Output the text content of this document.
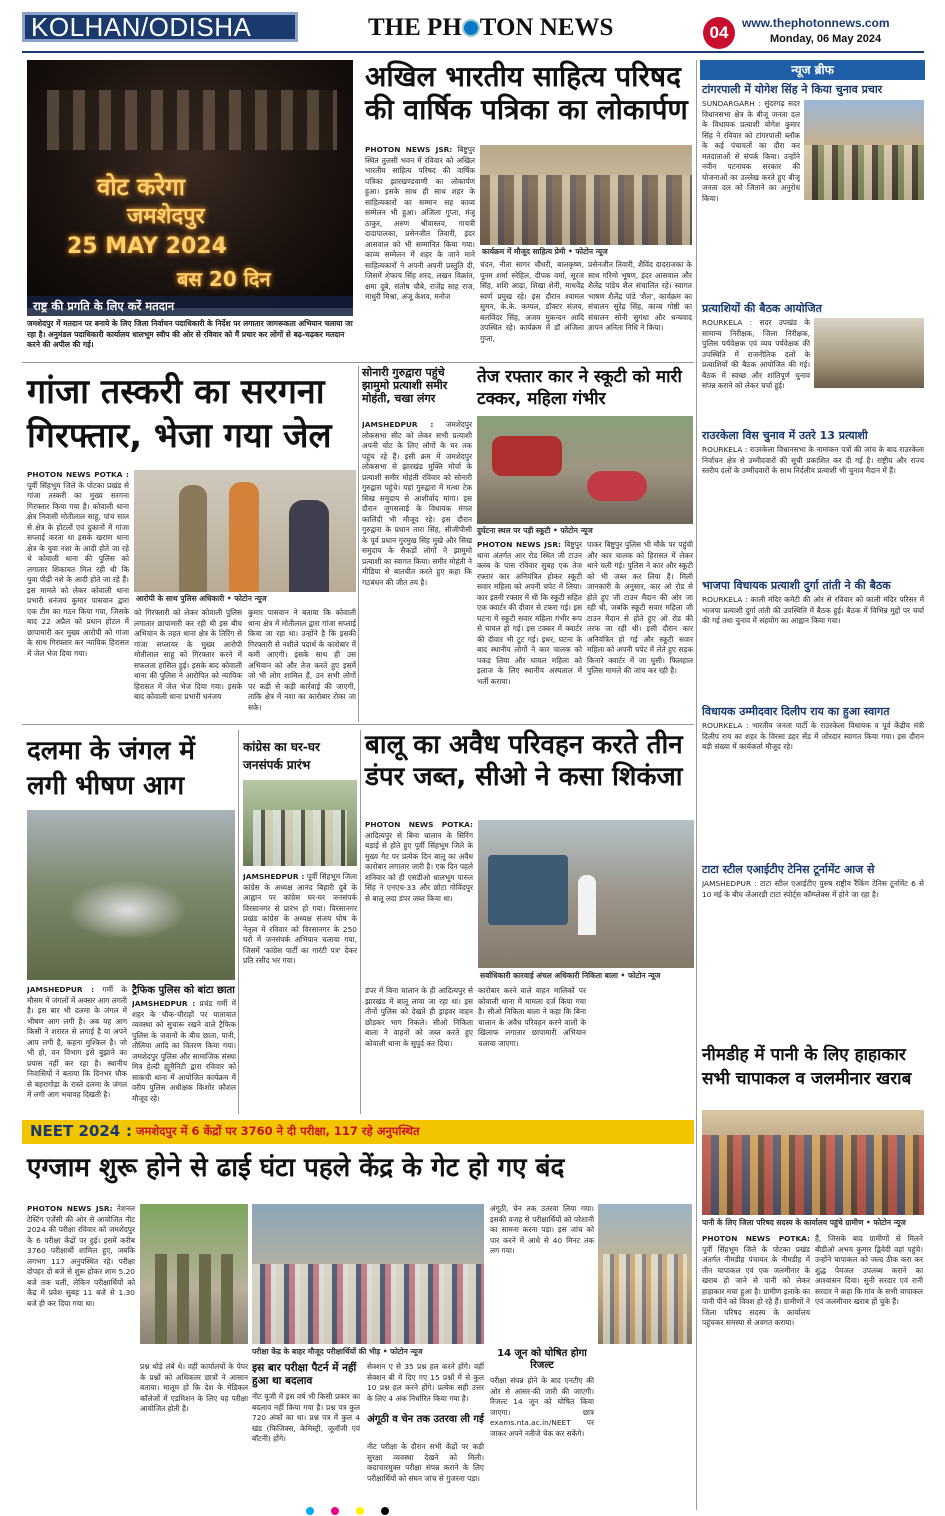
KOLHAN/ODISHA	THE PH TON NEWS	04	www.thephotonnews.com
Monday, 06 May 2024
वोट करेगा
जमशेदपुर
25 MAY 2024
बस 20 दिन
राष्ट्र की प्रगति के लिए करें मतदान
जमशेदपुर में मतदान पर बनाये के लिए जिला निर्वाचन पदाधिकारी के निर्देश पर लगातार जागरूकता अभियान चलाया जा रहा है। अनुमंडल पदाधिकारी कार्यालय धालभूम स्वीप की ओर से रविवार को मैं प्रचार कर लोगों से बढ़-चढ़कर मतदान करने की अपील की गई।
अखिल भारतीय साहित्य परिषद की वार्षिक पत्रिका का लोकार्पण
PHOTON NEWS JSR: बिष्टुपुर स्थित तुलसी भवन में रविवार को अखिल भारतीय साहित्य परिषद की वार्षिक पत्रिका झारखण्डवाणी का लोकार्पण हुआ। इसके साथ ही साथ शहर के साहित्यकारों का सम्मान सह काव्य सम्मेलन भी हुआ। अंजिला गुप्ता, मंजू ठाकुर, अरुण श्रीवास्तव, गायत्री दादापालका, प्रसेनजीत तिवारी, इंदर आसवाल को भी सम्मानित किया गया। काव्य सम्मेलन में शहर के जाने माने साहित्यकारों ने अपनी अपनी प्रस्तुति दी, जिसमें शेफाय सिंह शरद, लखन विक्रांत, क्षमा दुबे, संतोष चौबे, राजेंद्र साह राज, माधुरी मिश्रा, अंजू केशव, मनोज
कार्यक्रम में मौजूद साहित्य प्रेमी • फोटोन न्यूज
चंदन, नीता सागर चौधरी, बालकृष्ण, पूनम शर्मा स्नेहिल, दीपक वर्मा, सूरज सिंह, शशि आढ़ा, शिखा शेनी, माधवेंद्र स्वर्ण प्रमुख रहे। इस दौरान श्यामल सुमन, के.के. कम्पल, डॉक्टर संजय, बलविंदर सिंह, अजय मुकन्दन आदि उपस्थित रहे। कार्यक्रम में डॉ अंजिला गुप्ता,
प्रसेनजीत तिवारी, शैविंद दादराजका के साथ गरिमो भूषण, इंदर आसवाल और शैलेंद्र पांडेय शैल संचालित रहे। स्वागत भाषण शैलेंद्र पांडे 'शैल', कार्यक्रम का संचालन सुरेंद्र सिंह, काव्य गोष्ठी का संचालन सोनी सुगंधा और धन्यवाद ज्ञापन अनिता निधि ने किया।
न्यूज ब्रीफ
टांगरपाली में योगेश सिंह ने किया चुनाव प्रचार
SUNDARGARH : सुंदरगढ़ सदर विधानसभा क्षेत्र के बीजू जनता दल के विधायक प्रत्याशी योगेश कुमार सिंह ने रविवार को टांगरपाली ब्लॉक के कई पंचायतों का दौरा कर मतदाताओं से संपर्क किया। उन्होंने नवीन पटनायक सरकार की योजनाओं का उल्लेख करते हुए बीजू जनता दल को जिताने का अनुरोध किया।
प्रत्याशियों की बैठक आयोजित
ROURKELA : सदर उपखंड के सामान्य निरीक्षक, जिला निरीक्षक, पुलिस पर्यवेक्षक एवं व्यय पर्यवेक्षक की उपस्थिति में राजनीतिक दलों के प्रत्याशियों की बैठक आयोजित की गई। बैठक में स्वच्छ और शांतिपूर्ण चुनाव संपन्न कराने को लेकर चर्चा हुई।
राउरकेला विस चुनाव में उतरे 13 प्रत्याशी
ROURKELA : राउरकेला विधानसभा के नामांकन पत्रों की जांच के बाद राउरकेला निर्वाचन क्षेत्र से उम्मीदवारों की सूची प्रकाशित कर दी गई है। राष्ट्रीय और राज्य स्तरीय दलों के उम्मीदवारों के साथ निर्दलीय प्रत्याशी भी चुनाव मैदान में हैं।
भाजपा विधायक प्रत्याशी दुर्गा तांती ने की बैठक
ROURKELA : काली मंदिर कमेटी की ओर से रविवार को काली मंदिर परिसर में भाजपा प्रत्याशी दुर्गा तांती की उपस्थिति में बैठक हुई। बैठक में विभिन्न मुद्दों पर चर्चा की गई तथा चुनाव में सहयोग का आह्वान किया गया।
विधायक उम्मीदवार दिलीप राय का हुआ स्वागत
ROURKELA : भारतीय जनता पार्टी के राउरकेला विधायक व पूर्व केंद्रीय मंत्री दिलीप राय का शहर के विरसा डहर सेंड में जोरदार स्वागत किया गया। इस दौरान बड़ी संख्या में कार्यकर्ता मौजूद रहे।
टाटा स्टील एआईटीए टेनिस टूर्नामेंट आज से
JAMSHEDPUR : टाटा स्टील एआईटीए पुरुष राष्ट्रीय रैंकिंग टेनिस टूर्नामेंट 6 से 10 मई के बीच जेआरडी टाटा स्पोर्ट्स कॉम्प्लेक्स में होने जा रहा है।
नीमडीह में पानी के लिए हाहाकार सभी चापाकल व जलमीनार खराब
पानी के लिए जिला परिषद सदस्य के कार्यालय पहुंचे ग्रामीण • फोटोन न्यूज
PHOTON NEWS POTKA: पूर्वी सिंहभूम जिले के पोटका प्रखंड अंतर्गत नीमडीह पंचायत के नीमडीह में तीन चापाकल एवं एक जलमीनार के खराब हो जाने से पानी को लेकर हाहाकार मचा हुआ है। ग्रामीण इलाके का पानी पीने को विवश हो रहे हैं। ग्रामीणों ने जिला परिषद सदस्य के कार्यालय पहुंचकर समस्या से अवगत कराया।
हैं, जिसके बाद ग्रामीणों से मिलने बीडीओ अभय कुमार द्विवेदी वहां पहुंचे। उन्होंने चापाकल को जल्द ठीक करा कर शुद्ध पेयजल उपलब्ध कराने का आश्वासन दिया। सुनी सरदार एवं रानी सरदार ने कहा कि गांव के सभी चापाकल एवं जलमीनार खराब हो चुके हैं।
गांजा तस्करी का सरगना गिरफ्तार, भेजा गया जेल
PHOTON NEWS POTKA : पूर्वी सिंहभूम जिले के पोटका प्रखंड से गांजा तस्करी का मुख्य सरगना गिरफ्तार किया गया है। कोवाली थाना क्षेत्र निवासी मोतीलाल साहू, पांच साल से क्षेत्र के होटलों एवं दुकानों में गांजा सप्लाई करता था इसके खराण थाना क्षेत्र के युवा नशा के आदी होते जा रहे थे कोवाली थाना की पुलिस को लगातार शिकायत मिल रही थी कि युवा पीढ़ी नशे के आदी होते जा रहे हैं। इस मामले को लेकर कोवाली थाना प्रभारी धनंजय कुमार पासवान द्वारा एक टीम का गठन किया गया, जिसके बाद 22 अप्रैल को प्रधान होटल में छापामारी कर मुख्य आरोपी को गांजा के साथ गिरफ्तार कर न्यायिक हिरासत में जेल भेज दिया गया।
आरोपी के साथ पुलिस अधिकारी • फोटोन न्यूज
को गिरफ्तारी को लेकर कोवाली पुलिस लगातार छापामारी कर रही थी इस बीच अभियान के तहत थाना क्षेत्र के तिरिंग से गांजा सप्लायर के मुख्य आरोपी मोतीलाल साहू को गिरफ्तार करने में सफलता हासिल हुई। इसके बाद कोवाली थाना की पुलिस ने आरोपित को न्यायिक हिरासत में जेल भेज दिया गया। इसके बाद कोवाली थाना प्रभारी धनंजय
कुमार पासवान ने बताया कि कोवाली थाना क्षेत्र में मोतीलाल द्वारा गांजा सप्लाई किया जा रहा था। उन्होंने है कि इसकी गिरफ्तारी से नशीले पदार्थ के कारोबार में कमी आएगी। इसके साथ ही उस अभियान को और तेज करते हुए इसमें जो भी लोग शामिल हैं, उन सभी लोगों पर कड़ी से कड़ी कार्रवाई की जाएगी, ताकि क्षेत्र में नशा का कारोबार रोका जा सके।
सोनारी गुरुद्वारा पहुंचे झामुमो प्रत्याशी समीर मोहंती, चखा लंगर
JAMSHEDPUR : जमशेदपुर लोकसभा सीट को लेकर सभी प्रत्याशी अपनी चोट के लिए लोगों के घर तक पहुंच रहे हैं। इसी क्रम में जमशेदपुर लोकसभा से झारखंड मुक्ति मोर्चा के प्रत्याशी समीर मोहंती रविवार को सोनारी गुरुद्वारा पहुंचे। यहां गुरुद्वारा में मत्था टेक सिख समुदाय से आशीर्वाद मांगा। इस दौरान जुगसलाई के विधायक मंगल कालिंदी भी मौजूद रहे। इस दौरान गुरुद्वारा के प्रधान तारा सिंह, सीजीपीसी के पूर्व प्रधान गुरमुख सिंह मुखे और सिख समुदाय के सैकड़ों लोगों ने झामुमो प्रत्याशी का स्वागत किया। समीर मोहंती ने मीडिया से बातचीत करते हुए कहा कि गठबंधन की जीत तय है।
तेज रफ्तार कार ने स्कूटी को मारी टक्कर, महिला गंभीर
दुर्घटना स्थल पर पड़ी स्कूटी • फोटोन न्यूज
PHOTON NEWS JSR: बिष्टुपुर थाना अंतर्गत आर रोड स्थित जी टाउन क्लब के पास रविवार सुबह एक तेज रफ्तार कार अनियंत्रित होकर स्कूटी सवार महिला को अपनी चपेट में लिया। कार इतनी रफ्तार में थी कि स्कूटी सहित एक क्वार्टर की दीवार से टकरा गई। इस घटना में स्कूटी सवार महिला गंभीर रूप से घायल हो गई। इस टक्कर में क्वार्टर की दीवार भी टूट गई। इधर, घटना के बाद स्थानीय लोगों ने कार चालक को पकड़ लिया और घायल महिला को इलाज के लिए स्थानीय अस्पताल में भर्ती कराया।
पाकर बिष्टुपुर पुलिस भी मौके पर पहुंची और कार चालक को हिरासत में लेकर थाने चली गई। पुलिस ने कार और स्कूटी को भी जब्त कर लिया है। मिली जानकारी के अनुसार, कार ओ रोड से होते हुए जी टाउन मैदान की ओर जा रही थी, जबकि स्कूटी सवार महिला जी टाउन मैदान से होते हुए ओ रोड की तरफ जा रही थी। इसी दौरान कार अनियंत्रित हो गई और स्कूटी सवार महिला को अपनी चपेट में लेते हुए सड़क किनारे क्वार्टर में जा घुसी। फिलहाल पुलिस मामले की जांच कर रही है।
दलमा के जंगल में लगी भीषण आग
JAMSHEDPUR : गर्मी के मौसम में जंगलों में अक्सर आग लगती है। इस बार भी दलमा के जंगल में भीषण आग लगी है। अब यह आग किसी ने शरारत से लगाई है या अपने आप लगी है, कहना मुश्किल है। जो भी हो, वन विभाग इसे बुझाने का प्रयास नहीं कर रहा है। स्थानीय निवासियों ने बताया कि दिनभर चौक से बहरागोड़ा के रास्ते दलमा के जंगल में लगी आग भयावह दिखती है।
ट्रैफिक पुलिस को बांटा छाता
JAMSHEDPUR : प्रचंड गर्मी में शहर के चौक-चौराहों पर यातायात व्यवस्था को सुचारू रखने वाले ट्रैफिक पुलिस के जवानों के बीच छाता, पानी, तौलिया आदि का वितरण किया गया। जमशेदपुर पुलिस और सामाजिक संस्था मित्र हेल्दी ह्यूमैनिटी द्वारा रविवार को साकची थाना में आयोजित कार्यक्रम में वरीय पुलिस अधीक्षक किशोर कौशल मौजूद रहे।
कांग्रेस का घर-घर जनसंपर्क प्रारंभ
JAMSHEDPUR : पूर्वी सिंहभूम जिला कांग्रेस के अध्यक्ष आनंद बिहारी दुबे के आह्वान पर कांग्रेस घर-घर जनसंपर्क विरसानगर से प्रारंभ हो गया। विरसानगर प्रखंड कांग्रेस के अध्यक्ष संजय घोष के नेतृत्व में रविवार को विरसानगर के 250 घरों में जनसंपर्क अभियान चलाया गया, जिसमें 'कांग्रेस पार्टी का गारंटी पत्र' देकर प्रति रसीद भर गया।
बालू का अवैध परिवहन करते तीन डंपर जब्त, सीओ ने कसा शिकंजा
PHOTON NEWS POTKA: आदित्यपुर से बिना चालान के सिरिंग बड़ाई से होते हुए पूर्वी सिंहभूम जिले के मुख्य गेट पर प्रत्येक दिन बालू का अवैध कारोबार लगातार जारी है। एक दिन पहले शनिवार को ही एसडीओ धालभूम पारुल सिंह ने एनएच-33 और छोटा गोविंदपुर से बालू लदा डंपर जब्त किया था।
सर्वाधिकारी कारवाई अंचल अधिकारी निकिता बाला • फोटोन न्यूज
डंपर में बिना चालान के ही आदित्यपुर से झारखंड में बालू लाया जा रहा था। इस तीनों पुलिस को देखते ही ड्राइवर वाहन छोड़कर भाग निकले। सीओ निकिता बाला ने वाहनों को जब्त करते हुए कोवाली थाना के सुपुर्द कर दिया।
कारोबार करने वाले वाहन मालिकों पर कोवाली थाना में मामला दर्ज किया गया है। सीओ निकिता बाला ने कहा कि बिना चालान के अवैध परिवहन करने वालों के खिलाफ लगातार छापामारी अभियान चलाया जाएगा।
NEET 2024 : जमशेदपुर में 6 केंद्रों पर 3760 ने दी परीक्षा, 117 रहे अनुपस्थित
एग्जाम शुरू होने से ढाई घंटा पहले केंद्र के गेट हो गए बंद
PHOTON NEWS JSR: नेशनल टेस्टिंग एजेंसी की ओर से आयोजित नीट 2024 की परीक्षा रविवार को जमशेदपुर के 6 परीक्षा केंद्रों पर हुई। इसमें करीब 3760 परीक्षार्थी शामिल हुए, जबकि लगभग 117 अनुपस्थित रहे। परीक्षा दोपहर दो बजे से शुरू होकर शाम 5.20 बजे तक चली, लेकिन परीक्षार्थियों को केंद्र में प्रवेश सुबह 11 बजे से 1.30 बजे ही कर दिया गया था।
परीक्षा केंद्र के बाहर मौजूद परीक्षार्थियों की भीड़ • फोटोन न्यूज
प्रश्न थोड़े लंबे थे। वहीं कार्यालयों के पेपर के प्रश्नों को अधिकतर छात्रों ने आसान बताया। मालूम हो कि देश के मेडिकल कॉलेजों में एडमिशन के लिए यह परीक्षा आयोजित होती है।
इस बार परीक्षा पैटर्न में नहीं हुआ था बदलाव
नीट यूजी में इस वर्ष भी किसी प्रकार का बदलाव नहीं किया गया है। प्रश्न पत्र कुल 720 अंकों का था। प्रश्न पत्र में कुल 4 खंड (फिजिक्स, केमिस्ट्री, जूलॉजी एवं बॉटनी) होंगे।
सेक्शन ए से 35 प्रश्न हल करने होंगे। वहीं सेक्शन बी में दिए गए 15 प्रश्नों में से कुल 10 प्रश्न हल करने होंगे। प्रत्येक सही उत्तर के लिए 4 अंक निर्धारित किया गया है।
अंगूठी व चेन तक उतरवा ली गई
नीट परीक्षा के दौरान सभी केंद्रों पर कड़ी सुरक्षा व्यवस्था देखने को मिली। कदाचारमुक्त परीक्षा संपन्न कराने के लिए परीक्षार्थियों को संघन जांच से गुजरना पड़ा।
अंगूठी, चेन तक उतरवा लिया गया। इसकी वजह से परीक्षार्थियों को परेशानी का सामना करना पड़ा। इस जांच को पार करने में आधे से 40 मिनट तक लग गया।
14 जून को घोषित होगा रिजल्ट
परीक्षा संपन्न होने के बाद एनटीए की ओर से आंसर-की जारी की जाएगी। रिजल्ट 14 जून को घोषित किया जाएगा। छात्र exams.nta.ac.in/NEET पर जाकर अपने नतीजे चेक कर सकेंगे।
